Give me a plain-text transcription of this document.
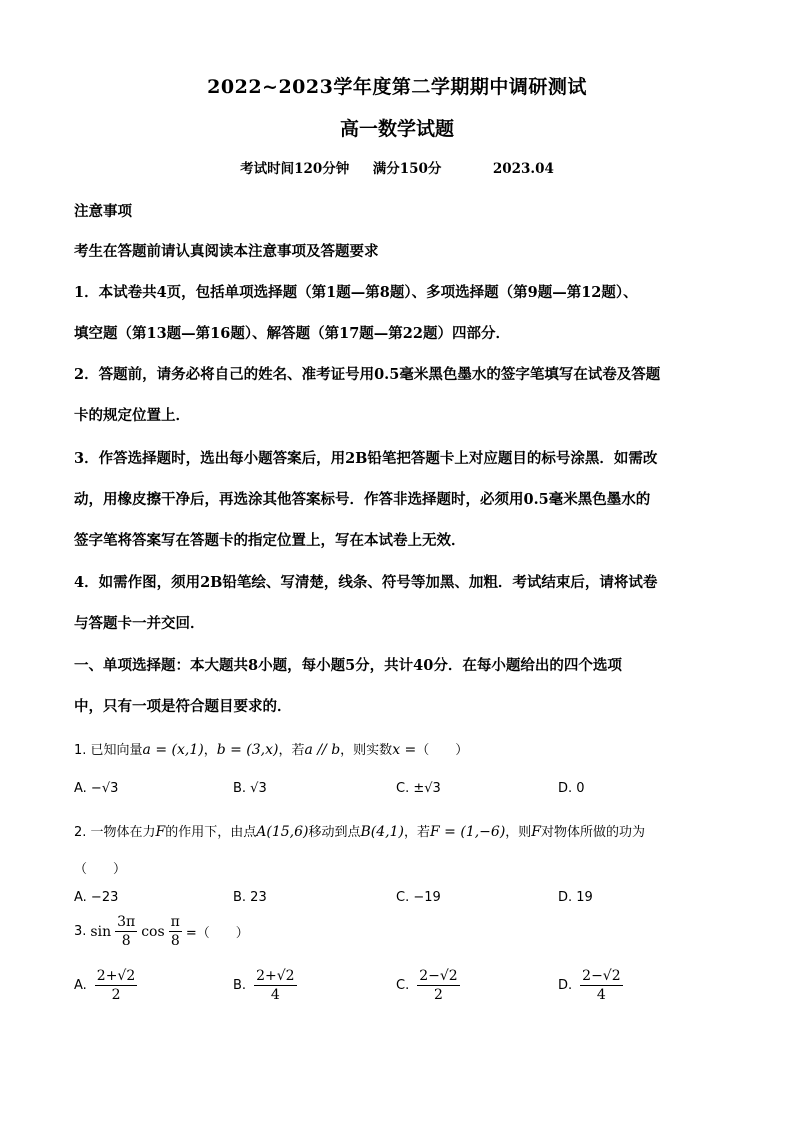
2022~2023学年度第二学期期中调研测试
高一数学试题
考试时间120分钟 满分150分	2023.04
注意事项
考生在答题前请认真阅读本注意事项及答题要求
1．本试卷共4页，包括单项选择题（第1题—第8题）、多项选择题（第9题—第12题）、
填空题（第13题—第16题）、解答题（第17题—第22题）四部分．
2．答题前，请务必将自己的姓名、准考证号用0.5毫米黑色墨水的签字笔填写在试卷及答题
卡的规定位置上．
3．作答选择题时，选出每小题答案后，用2B铅笔把答题卡上对应题目的标号涂黑．如需改
动，用橡皮擦干净后，再选涂其他答案标号．作答非选择题时，必须用0.5毫米黑色墨水的
签字笔将答案写在答题卡的指定位置上，写在本试卷上无效．
4．如需作图，须用2B铅笔绘、写清楚，线条、符号等加黑、加粗．考试结束后，请将试卷
与答题卡一并交回．
一、单项选择题：本大题共8小题，每小题5分，共计40分．在每小题给出的四个选项
中，只有一项是符合题目要求的．
1. 已知向量a = (x,1)，b = (3,x)，若a // b，则实数x =（　　）
A. −√3	B. √3	C. ±√3	D. 0
2. 一物体在力F的作用下，由点A(15,6)移动到点B(4,1)，若F = (1,−6)，则F对物体所做的功为
（　　）
A. −23	B. 23	C. −19	D. 19
3. $\sin \frac{3\pi}{8}$ $\cos \frac{\pi}{8}$ =（　　）
A. $\frac{2+√2}{2}$	B. $\frac{2+√2}{4}$	C. $\frac{2-√2}{2}$	D. $\frac{2-√2}{4}$
